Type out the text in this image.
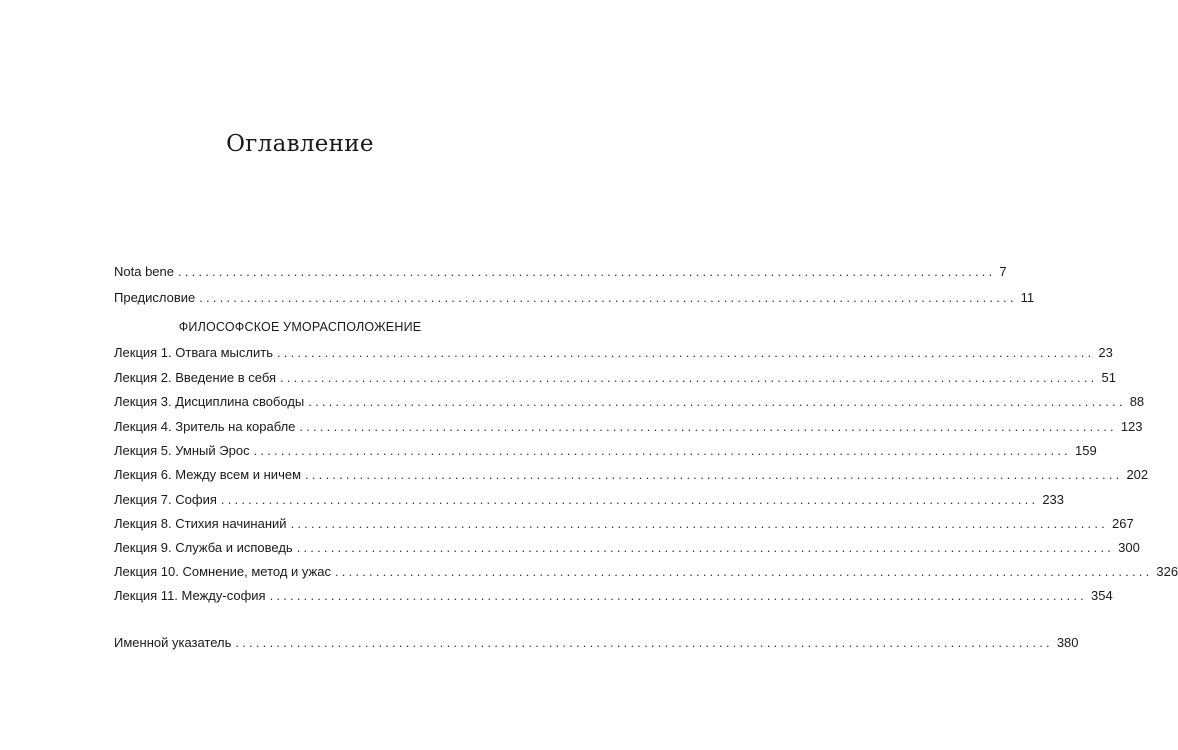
Оглавление
Nota bene ........................................................................................................................ 7
Предисловие ........................................................................................................................ 11
ФИЛОСОФСКОЕ УМОРАСПОЛОЖЕНИЕ
Лекция 1. Отвага мыслить ........................................................................................................................ 23
Лекция 2. Введение в себя ........................................................................................................................ 51
Лекция 3. Дисциплина свободы ........................................................................................................................ 88
Лекция 4. Зритель на корабле ........................................................................................................................ 123
Лекция 5. Умный Эрос ........................................................................................................................ 159
Лекция 6. Между всем и ничем ........................................................................................................................ 202
Лекция 7. София ........................................................................................................................ 233
Лекция 8. Стихия начинаний ........................................................................................................................ 267
Лекция 9. Служба и исповедь ........................................................................................................................ 300
Лекция 10. Сомнение, метод и ужас ........................................................................................................................ 326
Лекция 11. Между-софия ........................................................................................................................ 354
Именной указатель ........................................................................................................................ 380
